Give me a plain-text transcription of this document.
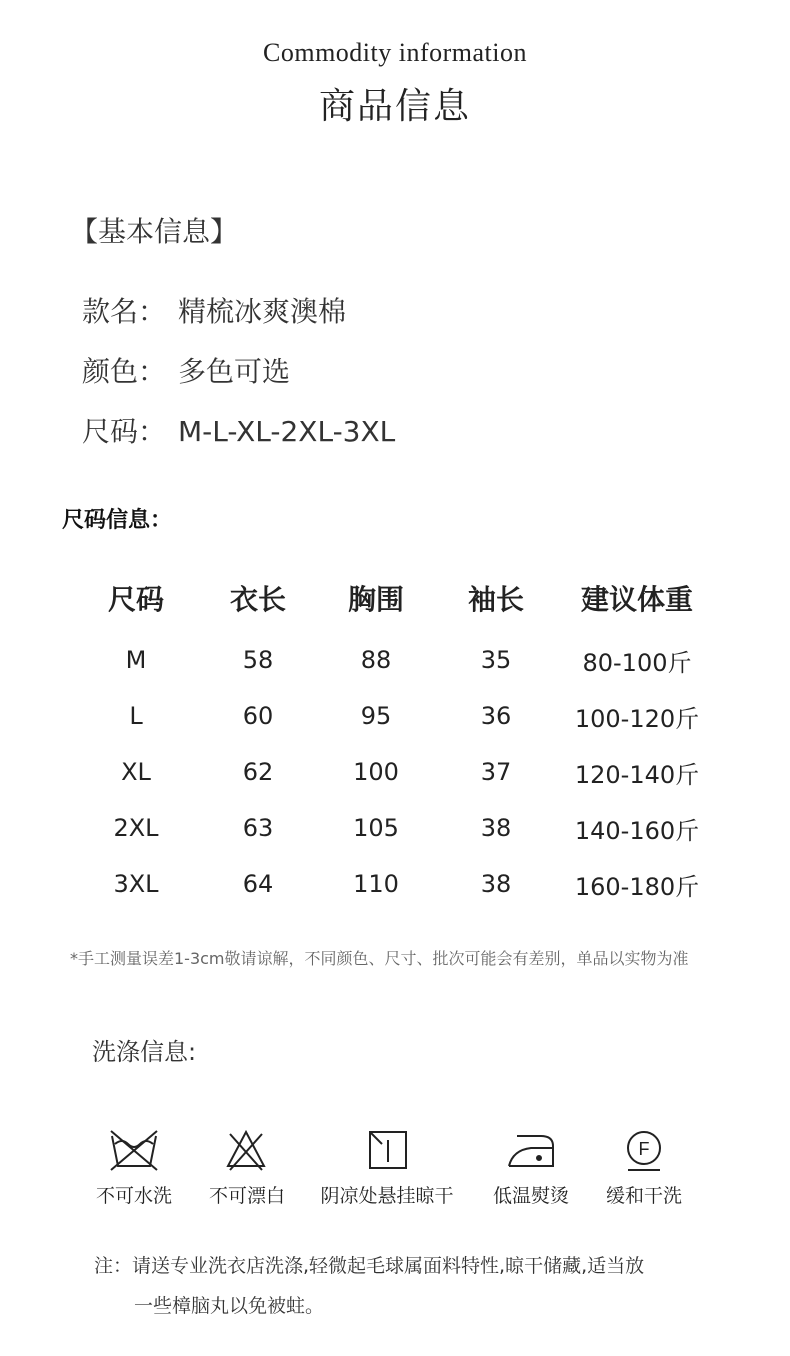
Commodity information
商品信息
【基本信息】
款名： 精梳冰爽澳棉
颜色： 多色可选
尺码： M-L-XL-2XL-3XL
尺码信息：
尺码	衣长	胸围	袖长	建议体重
M	58	88	35	80-100斤
L	60	95	36	100-120斤
XL	62	100	37	120-140斤
2XL	63	105	38	140-160斤
3XL	64	110	38	160-180斤
*手工测量误差1-3cm敬请谅解，不同颜色、尺寸、批次可能会有差别，单品以实物为准
洗涤信息:
F
不可水洗	不可漂白	阴凉处悬挂晾干	低温熨烫	缓和干洗
注：请送专业洗衣店洗涤,轻微起毛球属面料特性,晾干储藏,适当放
一些樟脑丸以免被蛀。
